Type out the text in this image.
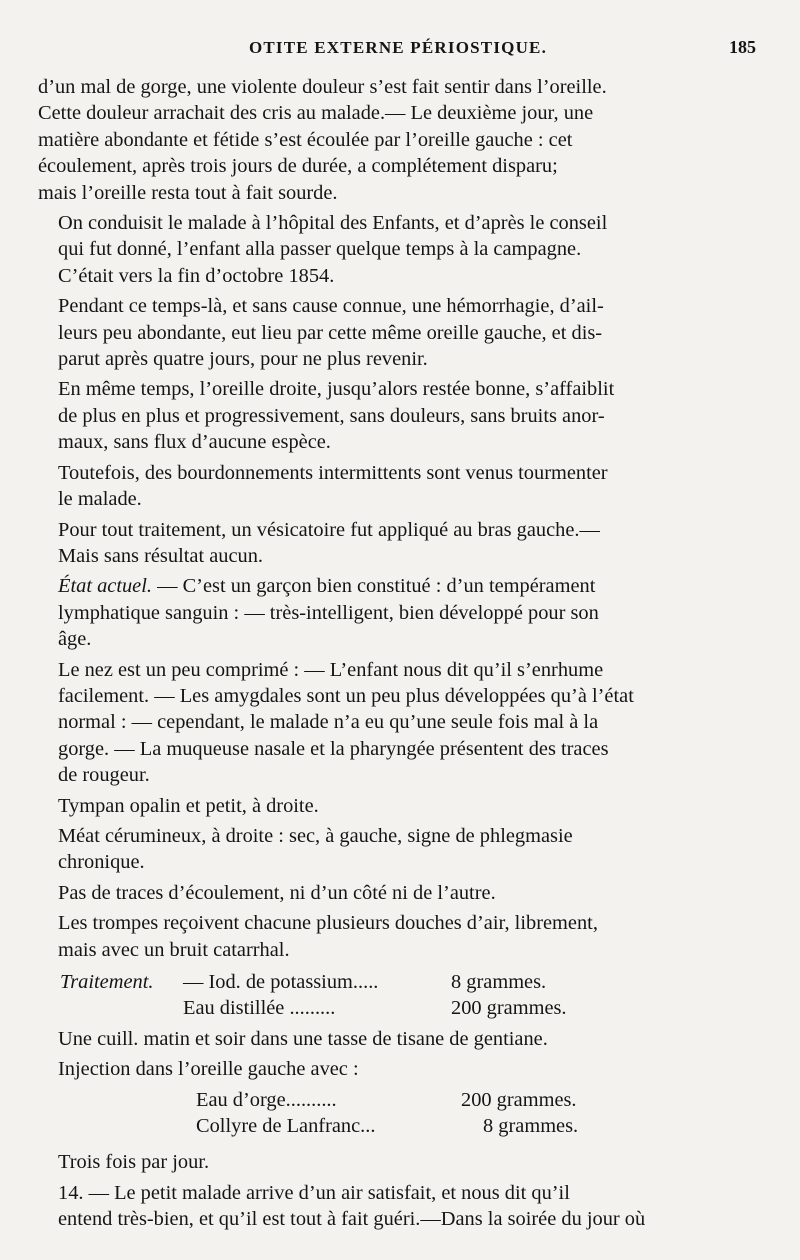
OTITE EXTERNE PÉRIOSTIQUE.	185
d’un mal de gorge, une violente douleur s’est fait sentir dans l’oreille.
Cette douleur arrachait des cris au malade.— Le deuxième jour, une
matière abondante et fétide s’est écoulée par l’oreille gauche : cet
écoulement, après trois jours de durée, a complétement disparu;
mais l’oreille resta tout à fait sourde.
On conduisit le malade à l’hôpital des Enfants, et d’après le conseil
qui fut donné, l’enfant alla passer quelque temps à la campagne.
C’était vers la fin d’octobre 1854.
Pendant ce temps-là, et sans cause connue, une hémorrhagie, d’ail-
leurs peu abondante, eut lieu par cette même oreille gauche, et dis-
parut après quatre jours, pour ne plus revenir.
En même temps, l’oreille droite, jusqu’alors restée bonne, s’affaiblit
de plus en plus et progressivement, sans douleurs, sans bruits anor-
maux, sans flux d’aucune espèce.
Toutefois, des bourdonnements intermittents sont venus tourmenter
le malade.
Pour tout traitement, un vésicatoire fut appliqué au bras gauche.—
Mais sans résultat aucun.
État actuel. — C’est un garçon bien constitué : d’un tempérament
lymphatique sanguin : — très-intelligent, bien développé pour son
âge.
Le nez est un peu comprimé : — L’enfant nous dit qu’il s’enrhume
facilement. — Les amygdales sont un peu plus développées qu’à l’état
normal : — cependant, le malade n’a eu qu’une seule fois mal à la
gorge. — La muqueuse nasale et la pharyngée présentent des traces
de rougeur.
Tympan opalin et petit, à droite.
Méat cérumineux, à droite : sec, à gauche, signe de phlegmasie
chronique.
Pas de traces d’écoulement, ni d’un côté ni de l’autre.
Les trompes reçoivent chacune plusieurs douches d’air, librement,
mais avec un bruit catarrhal.
Traitement.	— Iod. de potassium.....	8 grammes.
Eau distillée .........	200 grammes.
Une cuill. matin et soir dans une tasse de tisane de gentiane.
Injection dans l’oreille gauche avec :
Eau d’orge..........	200 grammes.
Collyre de Lanfranc...	8 grammes.
Trois fois par jour.
14. — Le petit malade arrive d’un air satisfait, et nous dit qu’il
entend très-bien, et qu’il est tout à fait guéri.—Dans la soirée du jour où
